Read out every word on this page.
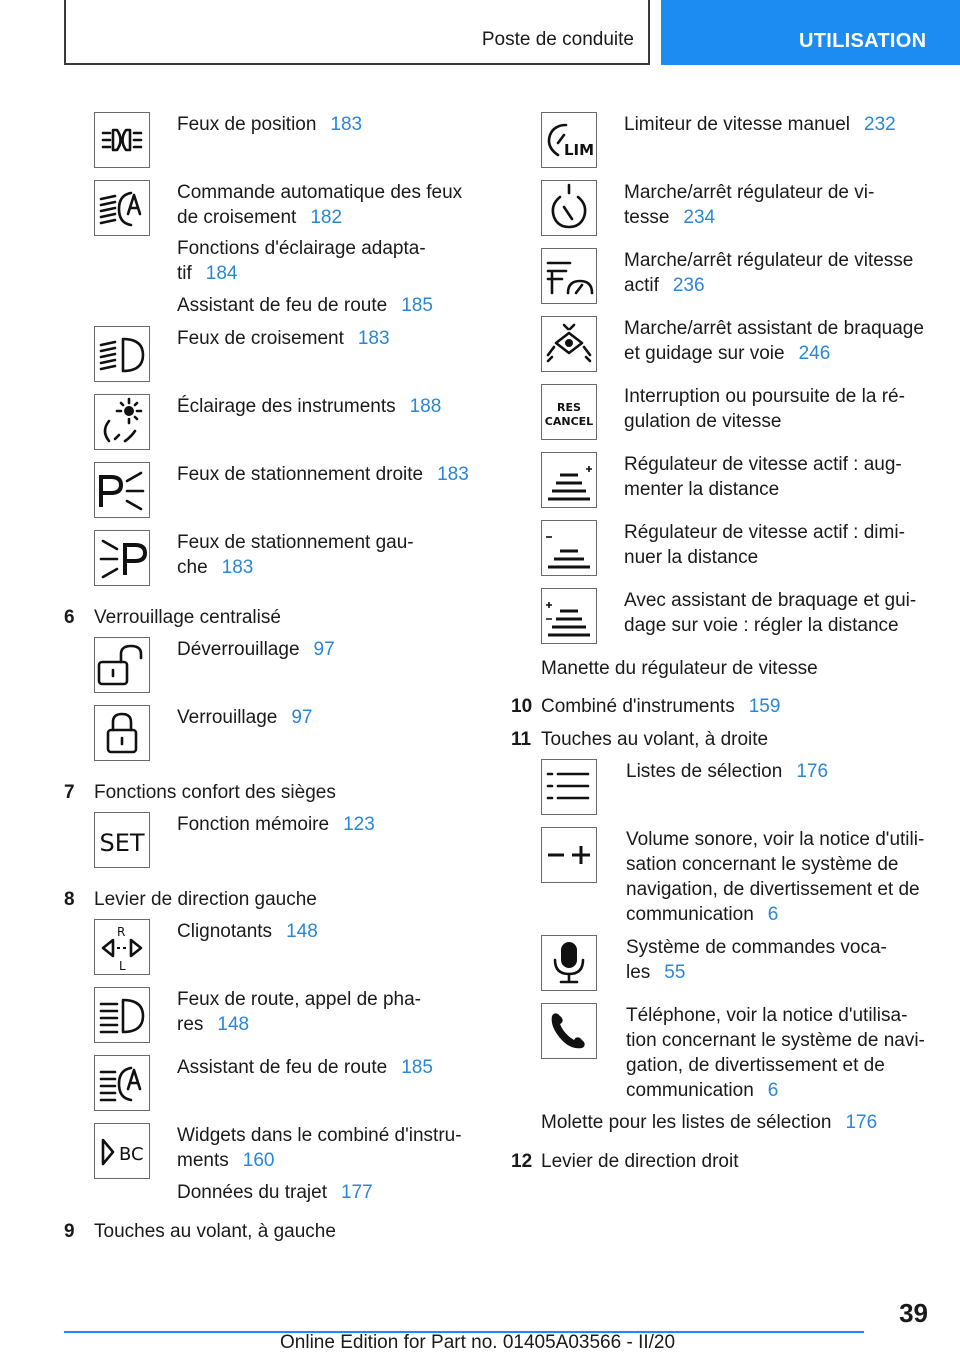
Poste de conduite	UTILISATION
Feux de position 183
Commande automatique des feux
de croisement 182
Fonctions d'éclairage adapta-
tif 184
Assistant de feu de route 185
Feux de croisement 183
Éclairage des instruments 188
Feux de stationnement droite 183
Feux de stationnement gau-
che 183
6 Verrouillage centralisé
Déverrouillage 97
Verrouillage 97
7 Fonctions confort des sièges
SET
Fonction mémoire 123
8 Levier de direction gauche
R
L
Clignotants 148
Feux de route, appel de pha-
res 148
Assistant de feu de route 185
BC
Widgets dans le combiné d'instru-
ments 160
Données du trajet 177
9 Touches au volant, à gauche
LIM
Limiteur de vitesse manuel 232
Marche/arrêt régulateur de vi-
tesse 234
Marche/arrêt régulateur de vitesse
actif 236
Marche/arrêt assistant de braquage
et guidage sur voie 246
RES
CANCEL
Interruption ou poursuite de la ré-
gulation de vitesse
Régulateur de vitesse actif : aug-
menter la distance
Régulateur de vitesse actif : dimi-
nuer la distance
Avec assistant de braquage et gui-
dage sur voie : régler la distance
Manette du régulateur de vitesse
10 Combiné d'instruments 159
11 Touches au volant, à droite
Listes de sélection 176
Volume sonore, voir la notice d'utili-
sation concernant le système de
navigation, de divertissement et de
communication 6
Système de commandes voca-
les 55
Téléphone, voir la notice d'utilisa-
tion concernant le système de navi-
gation, de divertissement et de
communication 6
Molette pour les listes de sélection 176
12 Levier de direction droit
39
Online Edition for Part no. 01405A03566 - II/20
